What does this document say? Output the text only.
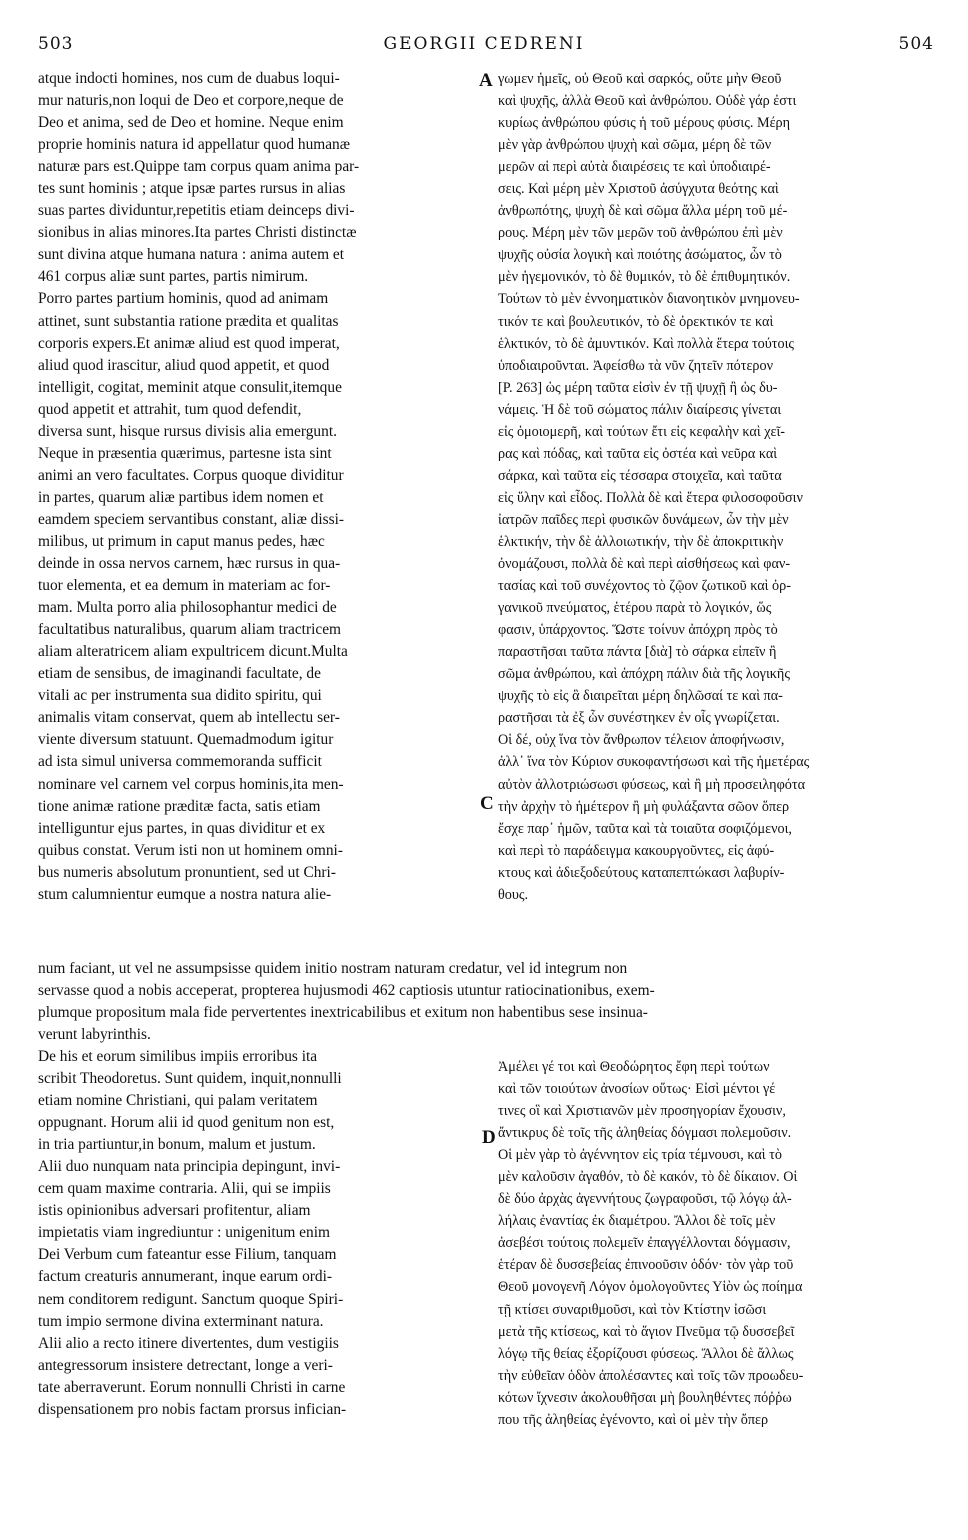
503	GEORGII CEDRENI	504
A
C
D
atque indocti homines, nos cum de duabus loqui-
mur naturis,non loqui de Deo et corpore,neque de
Deo et anima, sed de Deo et homine. Neque enim
proprie hominis natura id appellatur quod humanæ
naturæ pars est.Quippe tam corpus quam anima par-
tes sunt hominis ; atque ipsæ partes rursus in alias
suas partes dividuntur,repetitis etiam deinceps divi-
sionibus in alias minores.Ita partes Christi distinctæ
sunt divina atque humana natura : anima autem et
461 corpus aliæ sunt partes, partis nimirum.
Porro partes partium hominis, quod ad animam
attinet, sunt substantia ratione prædita et qualitas
corporis expers.Et animæ aliud est quod imperat,
aliud quod irascitur, aliud quod appetit, et quod
intelligit, cogitat, meminit atque consulit,itemque
quod appetit et attrahit, tum quod defendit,
diversa sunt, hisque rursus divisis alia emergunt.
Neque in præsentia quærimus, partesne ista sint
animi an vero facultates. Corpus quoque dividitur
in partes, quarum aliæ partibus idem nomen et
eamdem speciem servantibus constant, aliæ dissi-
milibus, ut primum in caput manus pedes, hæc
deinde in ossa nervos carnem, hæc rursus in qua-
tuor elementa, et ea demum in materiam ac for-
mam. Multa porro alia philosophantur medici de
facultatibus naturalibus, quarum aliam tractricem
aliam alteratricem aliam expultricem dicunt.Multa
etiam de sensibus, de imaginandi facultate, de
vitali ac per instrumenta sua didito spiritu, qui
animalis vitam conservat, quem ab intellectu ser-
viente diversum statuunt. Quemadmodum igitur
ad ista simul universa commemoranda sufficit
nominare vel carnem vel corpus hominis,ita men-
tione animæ ratione præditæ facta, satis etiam
intelliguntur ejus partes, in quas dividitur et ex
quibus constat. Verum isti non ut hominem omni-
bus numeris absolutum pronuntient, sed ut Chri-
stum calumnientur eumque a nostra natura alie-
γωμεν ἡμεῖς, οὐ Θεοῦ καὶ σαρκός, οὔτε μὴν Θεοῦ
καὶ ψυχῆς, ἀλλὰ Θεοῦ καὶ ἀνθρώπου. Οὐδὲ γάρ ἐστι
κυρίως ἀνθρώπου φύσις ἡ τοῦ μέρους φύσις. Μέρη
μὲν γὰρ ἀνθρώπου ψυχὴ καὶ σῶμα, μέρη δὲ τῶν
μερῶν αἱ περὶ αὐτὰ διαιρέσεις τε καὶ ὑποδιαιρέ-
σεις. Καὶ μέρη μὲν Χριστοῦ ἀσύγχυτα θεότης καὶ
ἀνθρωπότης, ψυχὴ δὲ καὶ σῶμα ἄλλα μέρη τοῦ μέ-
ρους. Μέρη μὲν τῶν μερῶν τοῦ ἀνθρώπου ἐπὶ μὲν
ψυχῆς οὐσία λογικὴ καὶ ποιότης ἀσώματος, ὧν τὸ
μὲν ἡγεμονικόν, τὸ δὲ θυμικόν, τὸ δὲ ἐπιθυμητικόν.
Τούτων τὸ μὲν ἐννοηματικὸν διανοητικὸν μνημονευ-
τικόν τε καὶ βουλευτικόν, τὸ δὲ ὀρεκτικόν τε καὶ
ἑλκτικόν, τὸ δὲ ἀμυντικόν. Καὶ πολλὰ ἕτερα τούτοις
ὑποδιαιροῦνται. Ἀφείσθω τὰ νῦν ζητεῖν πότερον
[P. 263] ὡς μέρη ταῦτα εἰσὶν ἐν τῇ ψυχῇ ἢ ὡς δυ-
νάμεις. Ἡ δὲ τοῦ σώματος πάλιν διαίρεσις γίνεται
εἰς ὁμοιομερῆ, καὶ τούτων ἔτι εἰς κεφαλὴν καὶ χεῖ-
ρας καὶ πόδας, καὶ ταῦτα εἰς ὀστέα καὶ νεῦρα καὶ
σάρκα, καὶ ταῦτα εἰς τέσσαρα στοιχεῖα, καὶ ταῦτα
εἰς ὕλην καὶ εἶδος. Πολλὰ δὲ καὶ ἕτερα φιλοσοφοῦσιν
ἰατρῶν παῖδες περὶ φυσικῶν δυνάμεων, ὧν τὴν μὲν
ἑλκτικήν, τὴν δὲ ἀλλοιωτικήν, τὴν δὲ ἀποκριτικὴν
ὀνομάζουσι, πολλὰ δὲ καὶ περὶ αἰσθήσεως καὶ φαν-
τασίας καὶ τοῦ συνέχοντος τὸ ζῷον ζωτικοῦ καὶ ὀρ-
γανικοῦ πνεύματος, ἑτέρου παρὰ τὸ λογικόν, ὥς
φασιν, ὑπάρχοντος. Ὥστε τοίνυν ἀπόχρη πρὸς τὸ
παραστῆσαι ταῦτα πάντα [διὰ] τὸ σάρκα εἰπεῖν ἢ
σῶμα ἀνθρώπου, καὶ ἀπόχρη πάλιν διὰ τῆς λογικῆς
ψυχῆς τὸ εἰς ἃ διαιρεῖται μέρη δηλῶσαί τε καὶ πα-
ραστῆσαι τὰ ἐξ ὧν συνέστηκεν ἐν οἷς γνωρίζεται.
Οἱ δέ, οὐχ ἵνα τὸν ἄνθρωπον τέλειον ἀποφήνωσιν,
ἀλλ᾽ ἵνα τὸν Κύριον συκοφαντήσωσι καὶ τῆς ἡμετέρας
αὐτὸν ἀλλοτριώσωσι φύσεως, καὶ ἢ μὴ προσειληφότα
τὴν ἀρχὴν τὸ ἡμέτερον ἢ μὴ φυλάξαντα σῶον ὅπερ
ἔσχε παρ᾽ ἡμῶν, ταῦτα καὶ τὰ τοιαῦτα σοφιζόμενοι,
καὶ περὶ τὸ παράδειγμα κακουργοῦντες, εἰς ἀφύ-
κτους καὶ ἀδιεξοδεύτους καταπεπτώκασι λαβυρίν-
θους.
num faciant, ut vel ne assumpsisse quidem initio nostram naturam credatur, vel id integrum non
servasse quod a nobis acceperat, propterea hujusmodi 462 captiosis utuntur ratiocinationibus, exem-
plumque propositum mala fide pervertentes inextricabilibus et exitum non habentibus sese insinua-
verunt labyrinthis.
De his et eorum similibus impiis erroribus ita
scribit Theodoretus. Sunt quidem, inquit,nonnulli
etiam nomine Christiani, qui palam veritatem
oppugnant. Horum alii id quod genitum non est,
in tria partiuntur,in bonum, malum et justum.
Alii duo nunquam nata principia depingunt, invi-
cem quam maxime contraria. Alii, qui se impiis
istis opinionibus adversari profitentur, aliam
impietatis viam ingrediuntur : unigenitum enim
Dei Verbum cum fateantur esse Filium, tanquam
factum creaturis annumerant, inque earum ordi-
nem conditorem redigunt. Sanctum quoque Spiri-
tum impio sermone divina exterminant natura.
Alii alio a recto itinere divertentes, dum vestigiis
antegressorum insistere detrectant, longe a veri-
tate aberraverunt. Eorum nonnulli Christi in carne
dispensationem pro nobis factam prorsus infician-
Ἀμέλει γέ τοι καὶ Θεοδώρητος ἔφη περὶ τούτων
καὶ τῶν τοιούτων ἀνοσίων οὕτως· Εἰσὶ μέντοι γέ
τινες οἳ καὶ Χριστιανῶν μὲν προσηγορίαν ἔχουσιν,
ἄντικρυς δὲ τοῖς τῆς ἀληθείας δόγμασι πολεμοῦσιν.
Οἱ μὲν γὰρ τὸ ἀγέννητον εἰς τρία τέμνουσι, καὶ τὸ
μὲν καλοῦσιν ἀγαθόν, τὸ δὲ κακόν, τὸ δὲ δίκαιον. Οἱ
δὲ δύο ἀρχὰς ἀγεννήτους ζωγραφοῦσι, τῷ λόγῳ ἀλ-
λήλαις ἐναντίας ἐκ διαμέτρου. Ἄλλοι δὲ τοῖς μὲν
ἀσεβέσι τούτοις πολεμεῖν ἐπαγγέλλονται δόγμασιν,
ἑτέραν δὲ δυσσεβείας ἐπινοοῦσιν ὁδόν· τὸν γὰρ τοῦ
Θεοῦ μονογενῆ Λόγον ὁμολογοῦντες Υἱὸν ὡς ποίημα
τῇ κτίσει συναριθμοῦσι, καὶ τὸν Κτίστην ἰσῶσι
μετὰ τῆς κτίσεως, καὶ τὸ ἅγιον Πνεῦμα τῷ δυσσεβεῖ
λόγῳ τῆς θείας ἐξορίζουσι φύσεως. Ἄλλοι δὲ ἄλλως
τὴν εὐθεῖαν ὁδὸν ἀπολέσαντες καὶ τοῖς τῶν προωδευ-
κότων ἴχνεσιν ἀκολουθῆσαι μὴ βουληθέντες πόῤῥω
που τῆς ἀληθείας ἐγένοντο, καὶ οἱ μὲν τὴν ὄπερ
